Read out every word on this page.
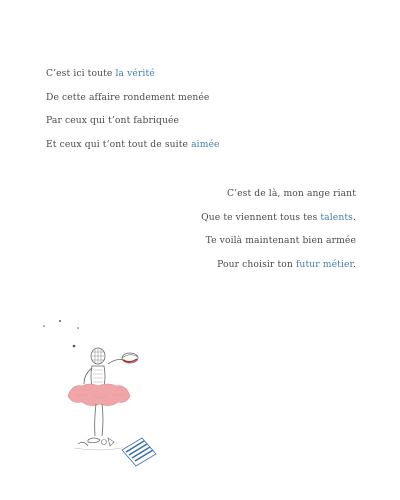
C’est ici toute la vérité
De cette affaire rondement menée
Par ceux qui t’ont fabriquée
Et ceux qui t’ont tout de suite aimée
C’est de là, mon ange riant
Que te viennent tous tes talents.
Te voilà maintenant bien armée
Pour choisir ton futur métier.
